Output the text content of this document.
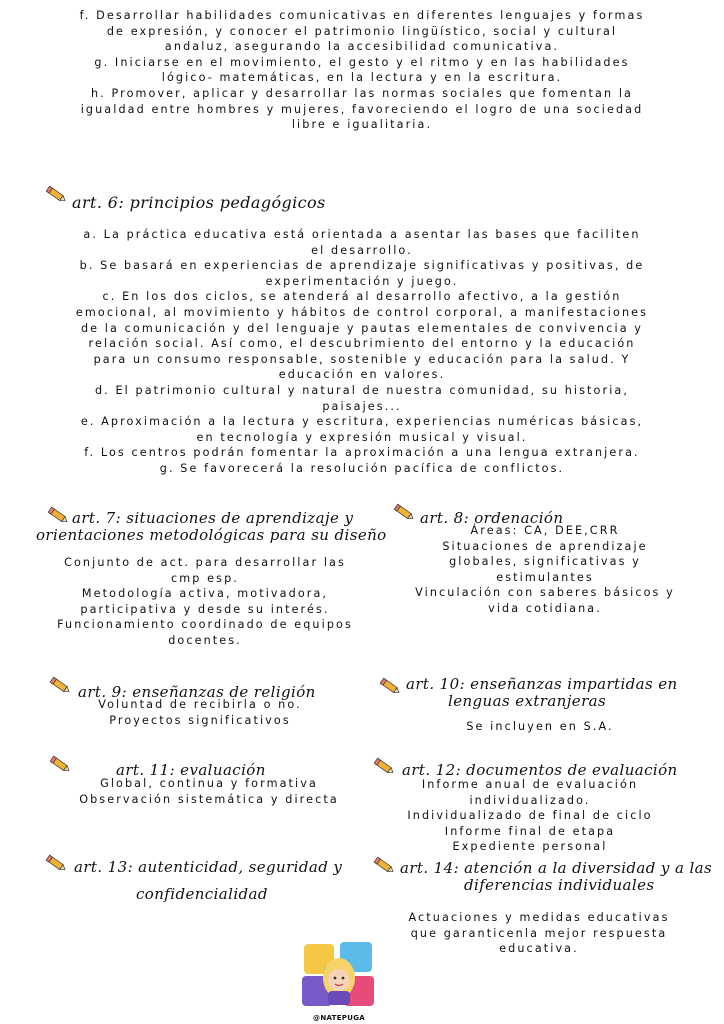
f. Desarrollar habilidades comunicativas en diferentes lenguajes y formas
de expresión, y conocer el patrimonio lingüístico, social y cultural
andaluz, asegurando la accesibilidad comunicativa.
g. Iniciarse en el movimiento, el gesto y el ritmo y en las habilidades
lógico- matemáticas, en la lectura y en la escritura.
h. Promover, aplicar y desarrollar las normas sociales que fomentan la
igualdad entre hombres y mujeres, favoreciendo el logro de una sociedad
libre e igualitaria.
art. 6: principios pedagógicos
a. La práctica educativa está orientada a asentar las bases que faciliten
el desarrollo.
b. Se basará en experiencias de aprendizaje significativas y positivas, de
experimentación y juego.
c. En los dos ciclos, se atenderá al desarrollo afectivo, a la gestión
emocional, al movimiento y hábitos de control corporal, a manifestaciones
de la comunicación y del lenguaje y pautas elementales de convivencia y
relación social. Así como, el descubrimiento del entorno y la educación
para un consumo responsable, sostenible y educación para la salud. Y
educación en valores.
d. El patrimonio cultural y natural de nuestra comunidad, su historia,
paisajes...
e. Aproximación a la lectura y escritura, experiencias numéricas básicas,
en tecnología y expresión musical y visual.
f. Los centros podrán fomentar la aproximación a una lengua extranjera.
g. Se favorecerá la resolución pacífica de conflictos.
art. 7: situaciones de aprendizaje y
orientaciones metodológicas para su diseño
Conjunto de act. para desarrollar las
cmp esp.
Metodología activa, motivadora,
participativa y desde su interés.
Funcionamiento coordinado de equipos
docentes.
art. 8: ordenación
Áreas: CA, DEE,CRR
Situaciones de aprendizaje
globales, significativas y
estimulantes
Vinculación con saberes básicos y
vida cotidiana.
art. 9: enseñanzas de religión
Voluntad de recibirla o no.
Proyectos significativos
art. 10: enseñanzas impartidas en
lenguas extranjeras
Se incluyen en S.A.
art. 11: evaluación
Global, continua y formativa
Observación sistemática y directa
art. 12: documentos de evaluación
Informe anual de evaluación
individualizado.
Individualizado de final de ciclo
Informe final de etapa
Expediente personal
art. 13: autenticidad, seguridad y
confidencialidad
art. 14: atención a la diversidad y a las
diferencias individuales
Actuaciones y medidas educativas
que garanticenla mejor respuesta
educativa.
@NATEPUGA
